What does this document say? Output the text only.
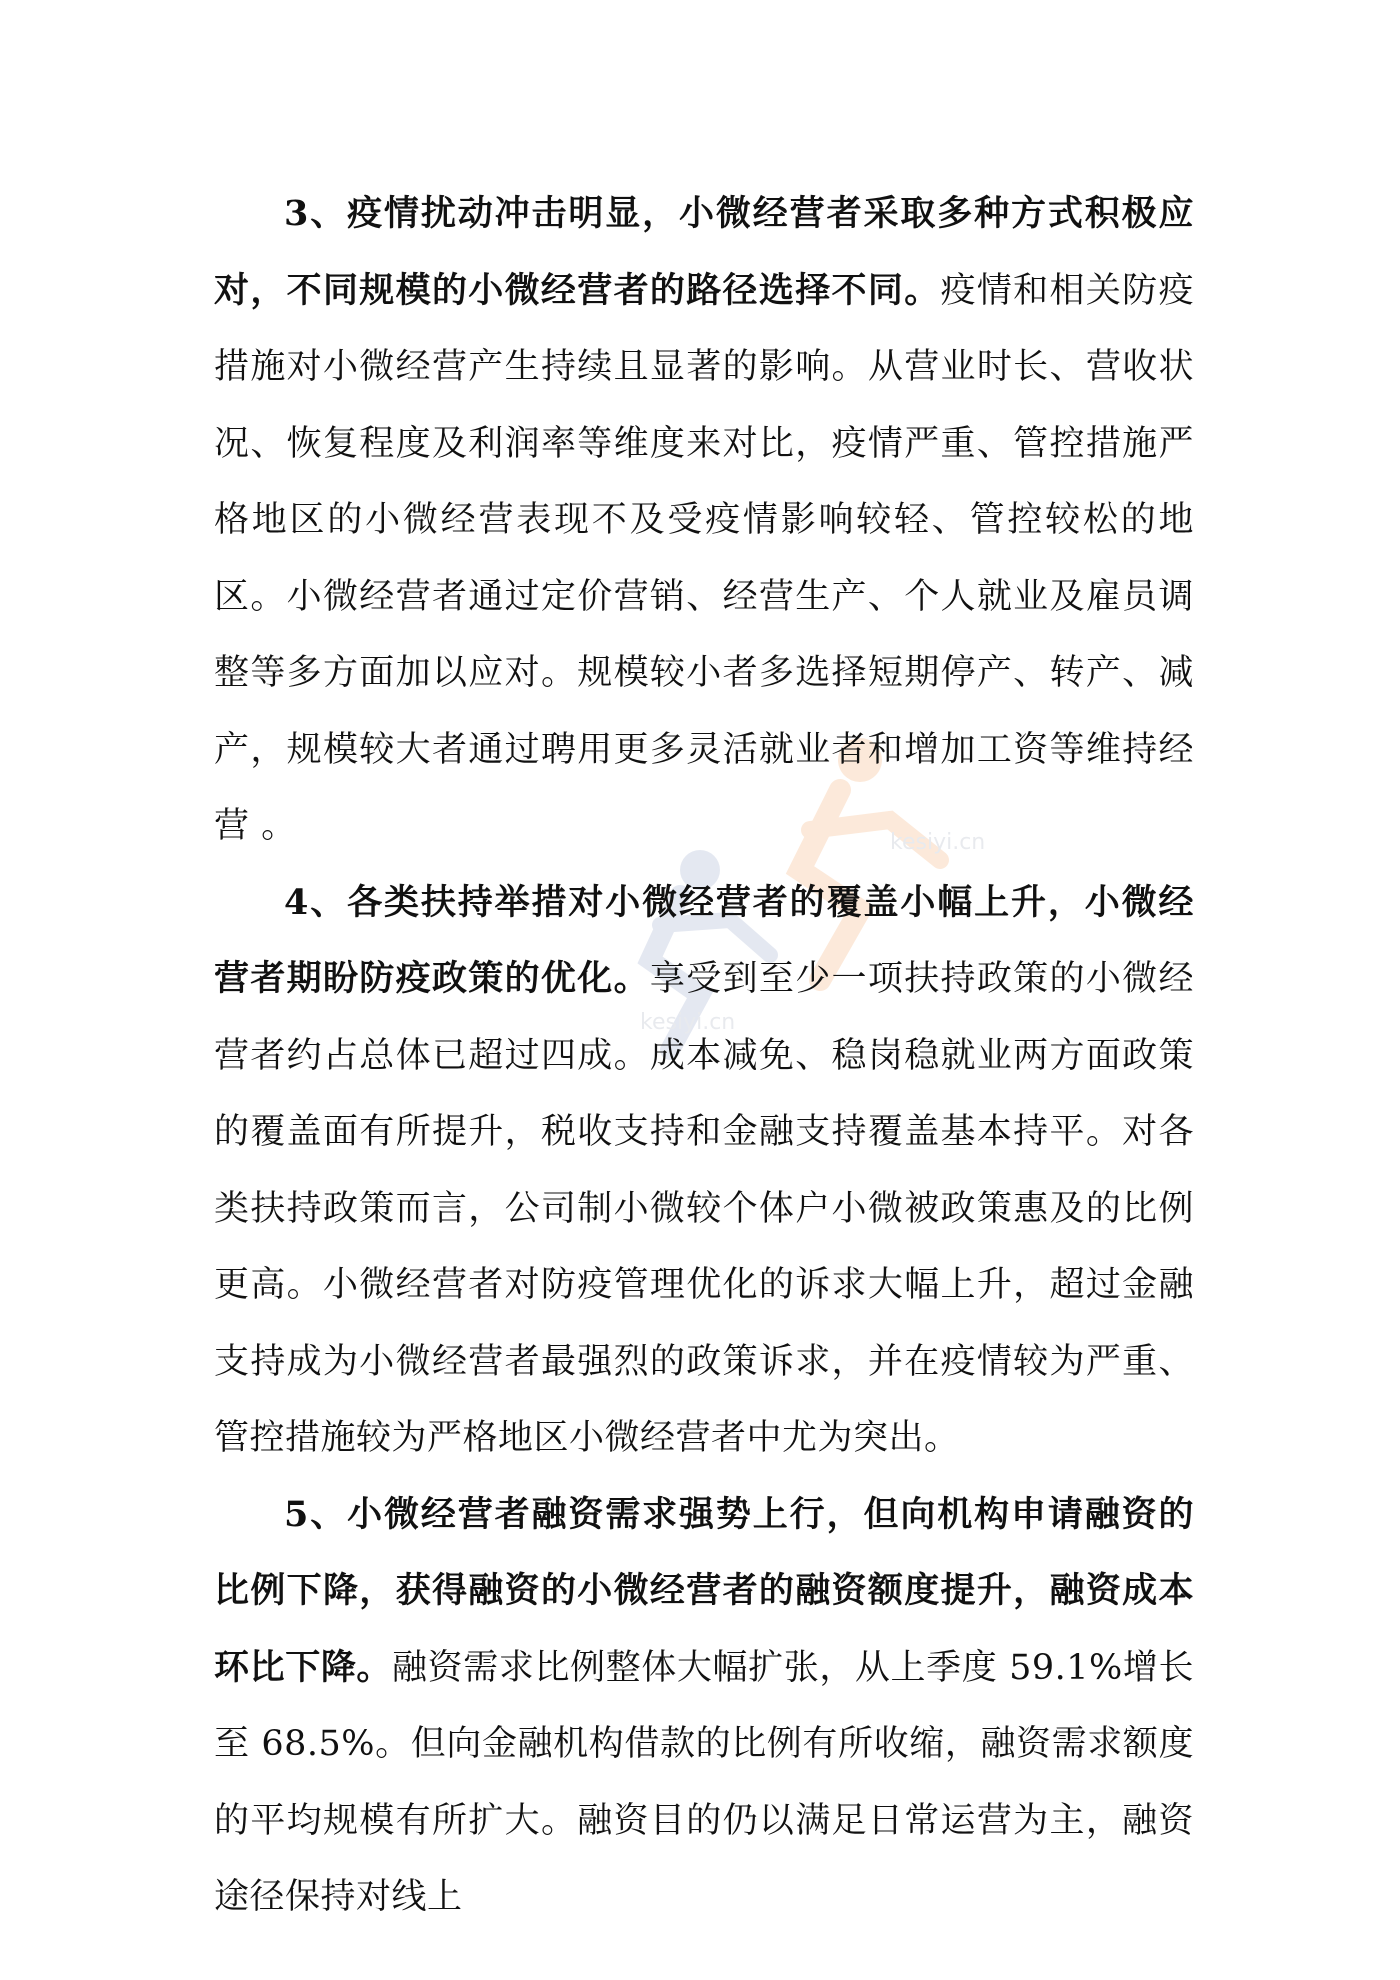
kesiyi.cn
kesiyi.cn

3、疫情扰动冲击明显，小微经营者采取多种方式积极应对，不同规模的小微经营者的路径选择不同。疫情和相关防疫措施对小微经营产生持续且显著的影响。从营业时长、营收状况、恢复程度及利润率等维度来对比，疫情严重、管控措施严格地区的小微经营表现不及受疫情影响较轻、管控较松的地区。小微经营者通过定价营销、经营生产、个人就业及雇员调整等多方面加以应对。规模较小者多选择短期停产、转产、减产，规模较大者通过聘用更多灵活就业者和增加工资等维持经营 。

4、各类扶持举措对小微经营者的覆盖小幅上升，小微经营者期盼防疫政策的优化。享受到至少一项扶持政策的小微经营者约占总体已超过四成。成本减免、稳岗稳就业两方面政策的覆盖面有所提升，税收支持和金融支持覆盖基本持平。对各类扶持政策而言，公司制小微较个体户小微被政策惠及的比例更高。小微经营者对防疫管理优化的诉求大幅上升，超过金融支持成为小微经营者最强烈的政策诉求，并在疫情较为严重、管控措施较为严格地区小微经营者中尤为突出。

5、小微经营者融资需求强势上行，但向机构申请融资的比例下降，获得融资的小微经营者的融资额度提升，融资成本环比下降。融资需求比例整体大幅扩张，从上季度 59.1%增长至 68.5%。但向金融机构借款的比例有所收缩，融资需求额度的平均规模有所扩大。融资目的仍以满足日常运营为主，融资途径保持对线上
